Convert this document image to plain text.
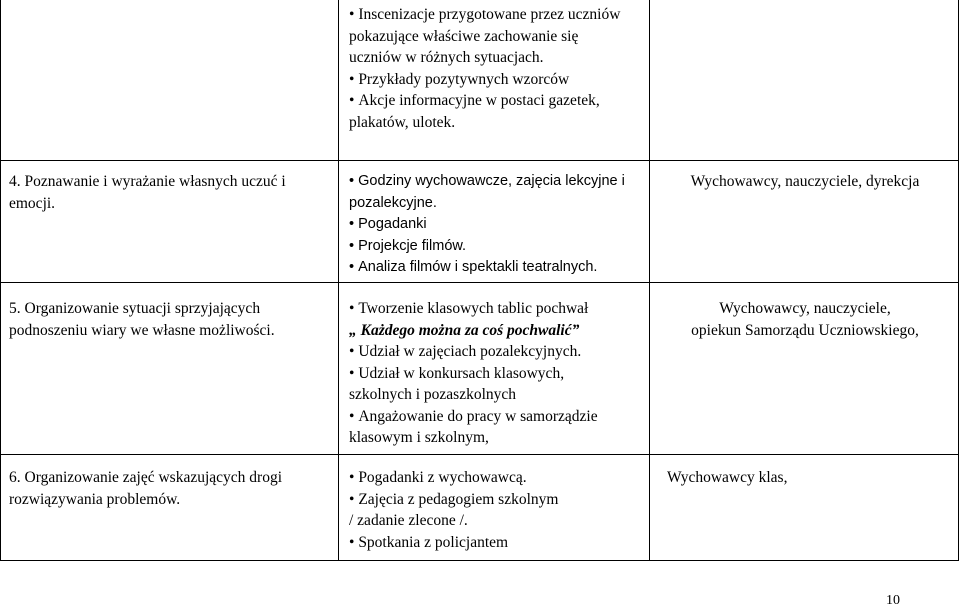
• Inscenizacje przygotowane przez uczniów pokazujące właściwe zachowanie się uczniów w różnych sytuacjach.

• Przykłady pozytywnych wzorców

• Akcje informacyjne w postaci gazetek, plakatów, ulotek.

4. Poznawanie i wyrażanie własnych uczuć i emocji.

• Godziny wychowawcze, zajęcia lekcyjne i pozalekcyjne.

• Pogadanki

• Projekcje filmów.

• Analiza filmów i spektakli teatralnych.

Wychowawcy, nauczyciele, dyrekcja

5. Organizowanie sytuacji sprzyjających podnoszeniu wiary we własne możliwości.

• Tworzenie klasowych tablic pochwał

„ Każdego można za coś pochwalić”

• Udział w zajęciach pozalekcyjnych.

• Udział w konkursach klasowych, szkolnych i pozaszkolnych

• Angażowanie do pracy w samorządzie klasowym i szkolnym,

Wychowawcy, nauczyciele,

opiekun Samorządu Uczniowskiego,

6. Organizowanie zajęć wskazujących drogi rozwiązywania problemów.

• Pogadanki z wychowawcą.

• Zajęcia z pedagogiem szkolnym

/ zadanie zlecone /.

• Spotkania z policjantem

Wychowawcy klas,

10
